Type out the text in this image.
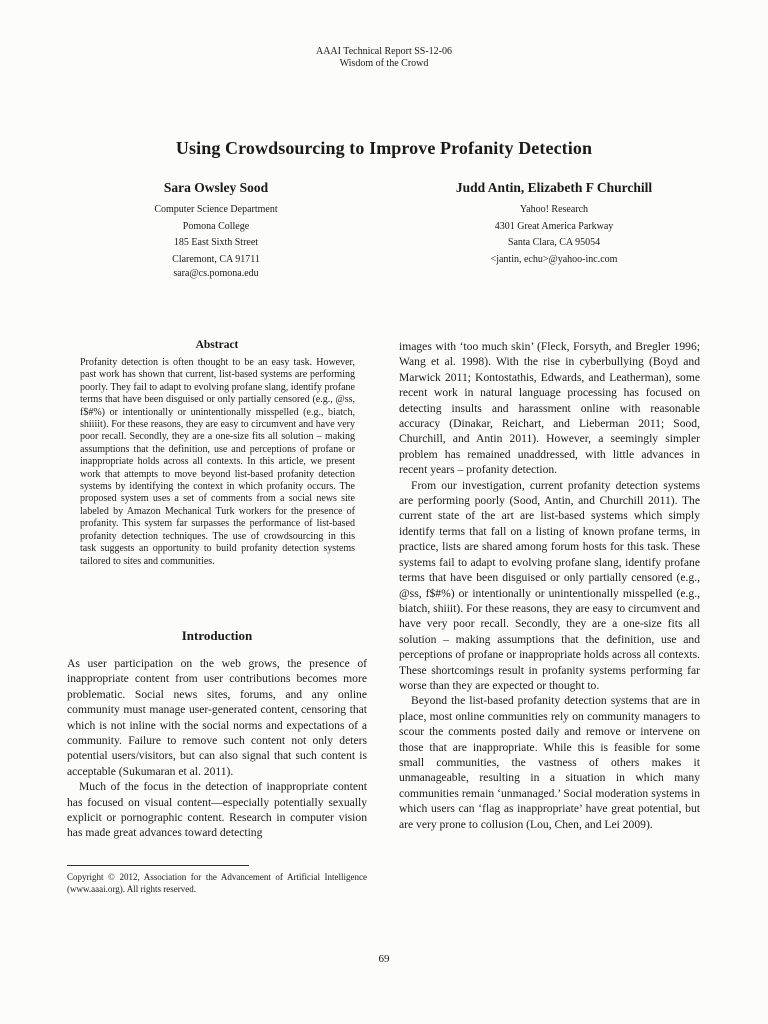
AAAI Technical Report SS-12-06
Wisdom of the Crowd
Using Crowdsourcing to Improve Profanity Detection
Sara Owsley Sood
Computer Science Department
Pomona College
185 East Sixth Street
Claremont, CA 91711
sara@cs.pomona.edu
Judd Antin, Elizabeth F Churchill
Yahoo! Research
4301 Great America Parkway
Santa Clara, CA 95054
<jantin, echu>@yahoo-inc.com
Abstract
Profanity detection is often thought to be an easy task. However, past work has shown that current, list-based systems are performing poorly. They fail to adapt to evolving profane slang, identify profane terms that have been disguised or only partially censored (e.g., @ss, f$#%) or intentionally or unintentionally misspelled (e.g., biatch, shiiiit). For these reasons, they are easy to circumvent and have very poor recall. Secondly, they are a one-size fits all solution – making assumptions that the definition, use and perceptions of profane or inappropriate holds across all contexts. In this article, we present work that attempts to move beyond list-based profanity detection systems by identifying the context in which profanity occurs. The proposed system uses a set of comments from a social news site labeled by Amazon Mechanical Turk workers for the presence of profanity. This system far surpasses the performance of list-based profanity detection techniques. The use of crowdsourcing in this task suggests an opportunity to build profanity detection systems tailored to sites and communities.
Introduction

As user participation on the web grows, the presence of inappropriate content from user contributions becomes more problematic. Social news sites, forums, and any online community must manage user-generated content, censoring that which is not inline with the social norms and expectations of a community. Failure to remove such content not only deters potential users/visitors, but can also signal that such content is acceptable (Sukumaran et al. 2011).

Much of the focus in the detection of inappropriate content has focused on visual content—especially potentially sexually explicit or pornographic content. Research in computer vision has made great advances toward detecting

images with ‘too much skin’ (Fleck, Forsyth, and Bregler 1996; Wang et al. 1998). With the rise in cyberbullying (Boyd and Marwick 2011; Kontostathis, Edwards, and Leatherman), some recent work in natural language processing has focused on detecting insults and harassment online with reasonable accuracy (Dinakar, Reichart, and Lieberman 2011; Sood, Churchill, and Antin 2011). However, a seemingly simpler problem has remained unaddressed, with little advances in recent years – profanity detection.

From our investigation, current profanity detection systems are performing poorly (Sood, Antin, and Churchill 2011). The current state of the art are list-based systems which simply identify terms that fall on a listing of known profane terms, in practice, lists are shared among forum hosts for this task. These systems fail to adapt to evolving profane slang, identify profane terms that have been disguised or only partially censored (e.g., @ss, f$#%) or intentionally or unintentionally misspelled (e.g., biatch, shiiit). For these reasons, they are easy to circumvent and have very poor recall. Secondly, they are a one-size fits all solution – making assumptions that the definition, use and perceptions of profane or inappropriate holds across all contexts. These shortcomings result in profanity systems performing far worse than they are expected or thought to.

Beyond the list-based profanity detection systems that are in place, most online communities rely on community managers to scour the comments posted daily and remove or intervene on those that are inappropriate. While this is feasible for some small communities, the vastness of others makes it unmanageable, resulting in a situation in which many communities remain ‘unmanaged.’ Social moderation systems in which users can ‘flag as inappropriate’ have great potential, but are very prone to collusion (Lou, Chen, and Lei 2009).

Copyright © 2012, Association for the Advancement of Artificial Intelligence (www.aaai.org). All rights reserved.
69
